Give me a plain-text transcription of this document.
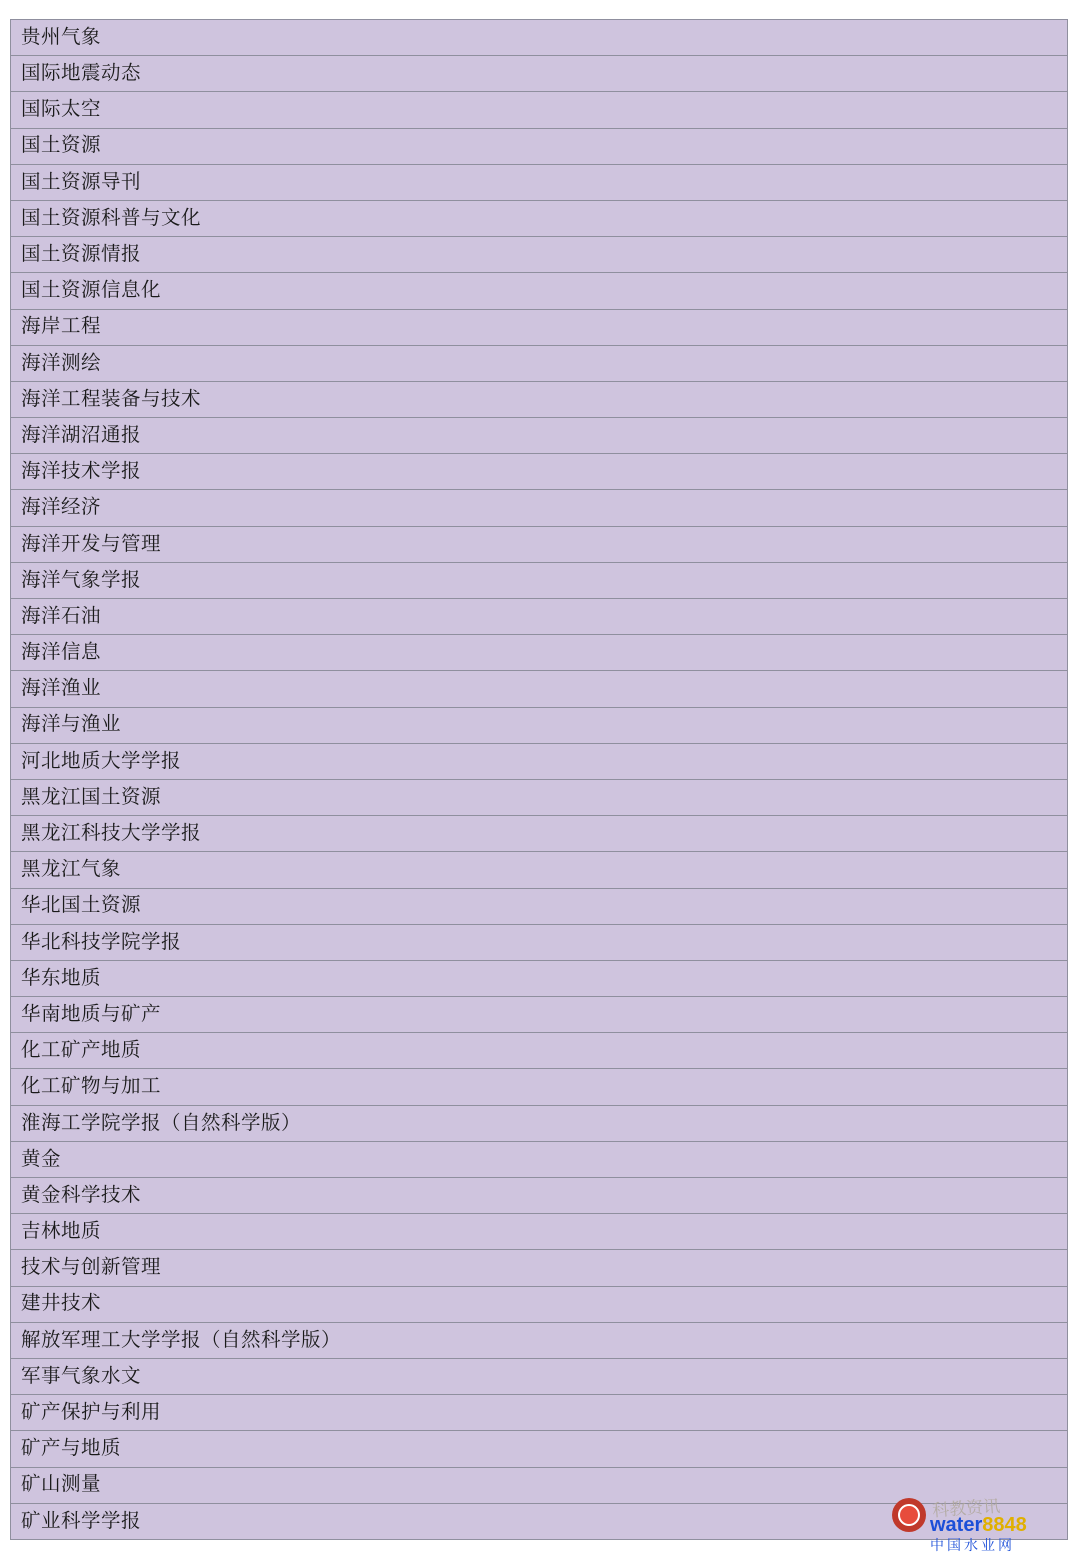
贵州气象
国际地震动态
国际太空
国土资源
国土资源导刊
国土资源科普与文化
国土资源情报
国土资源信息化
海岸工程
海洋测绘
海洋工程装备与技术
海洋湖沼通报
海洋技术学报
海洋经济
海洋开发与管理
海洋气象学报
海洋石油
海洋信息
海洋渔业
海洋与渔业
河北地质大学学报
黑龙江国土资源
黑龙江科技大学学报
黑龙江气象
华北国土资源
华北科技学院学报
华东地质
华南地质与矿产
化工矿产地质
化工矿物与加工
淮海工学院学报（自然科学版）
黄金
黄金科学技术
吉林地质
技术与创新管理
建井技术
解放军理工大学学报（自然科学版）
军事气象水文
矿产保护与利用
矿产与地质
矿山测量
矿业科学学报
科教资讯
water8848
中国水业网
